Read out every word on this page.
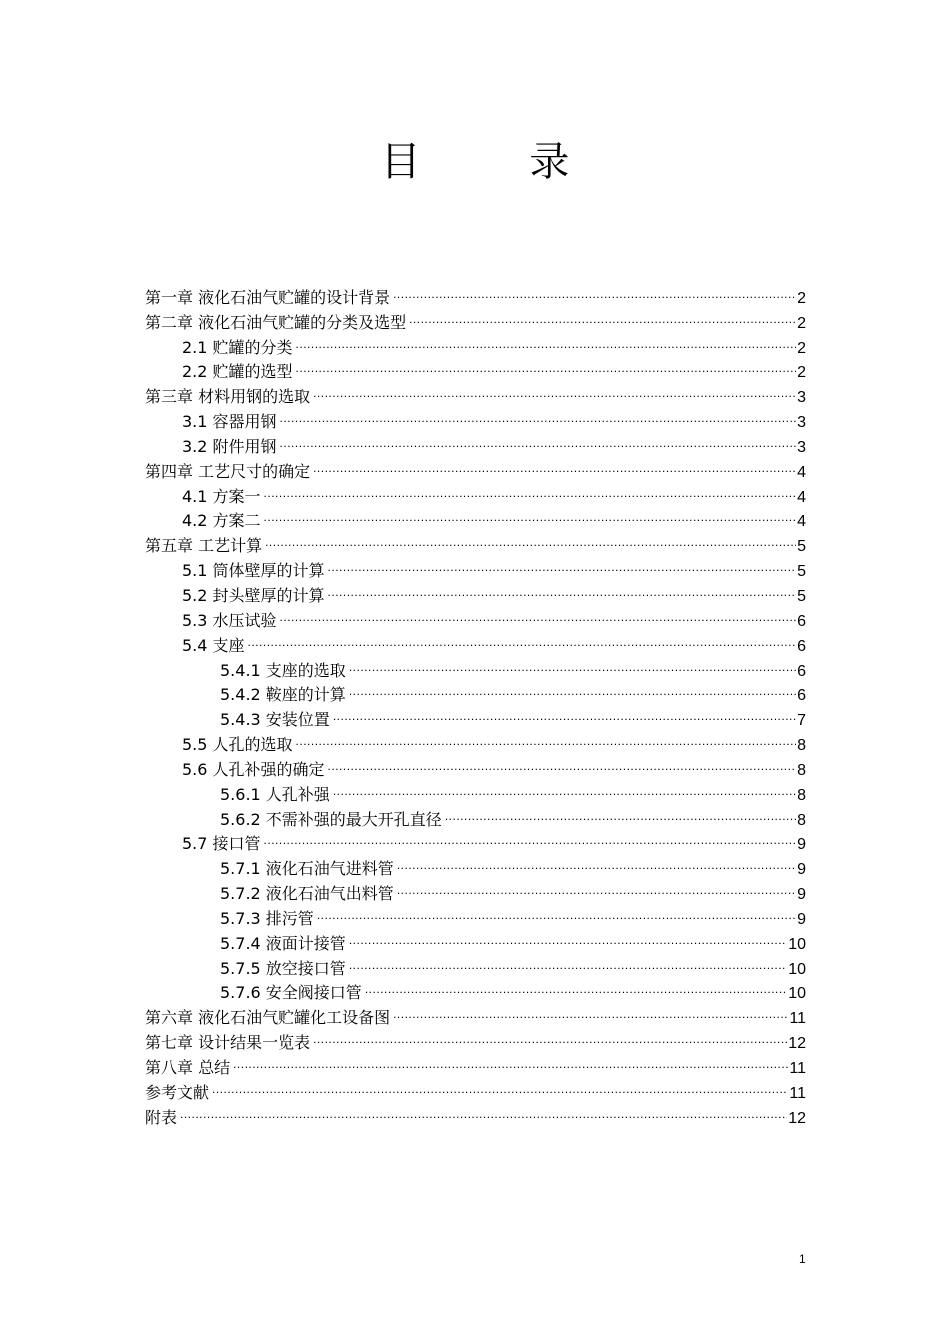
目 录
第一章 液化石油气贮罐的设计背景 .....	2
第二章 液化石油气贮罐的分类及选型 .....	2
2.1 贮罐的分类 .....	2
2.2 贮罐的选型 .....	2
第三章 材料用钢的选取 .....	3
3.1 容器用钢 .....	3
3.2 附件用钢 .....	3
第四章 工艺尺寸的确定 .....	4
4.1 方案一 .....	4
4.2 方案二 .....	4
第五章 工艺计算 .....	5
5.1 筒体壁厚的计算 .....	5
5.2 封头壁厚的计算 .....	5
5.3 水压试验 .....	6
5.4 支座 .....	6
5.4.1 支座的选取 .....	6
5.4.2 鞍座的计算 .....	6
5.4.3 安装位置 .....	7
5.5 人孔的选取 .....	8
5.6 人孔补强的确定 .....	8
5.6.1 人孔补强 .....	8
5.6.2 不需补强的最大开孔直径 .....	8
5.7 接口管 .....	9
5.7.1 液化石油气进料管 .....	9
5.7.2 液化石油气出料管 .....	9
5.7.3 排污管 .....	9
5.7.4 液面计接管 .....	10
5.7.5 放空接口管 .....	10
5.7.6 安全阀接口管 .....	10
第六章 液化石油气贮罐化工设备图 .....	11
第七章 设计结果一览表 .....	12
第八章 总结 .....	11
参考文献 .....	11
附表 .....	12
1
